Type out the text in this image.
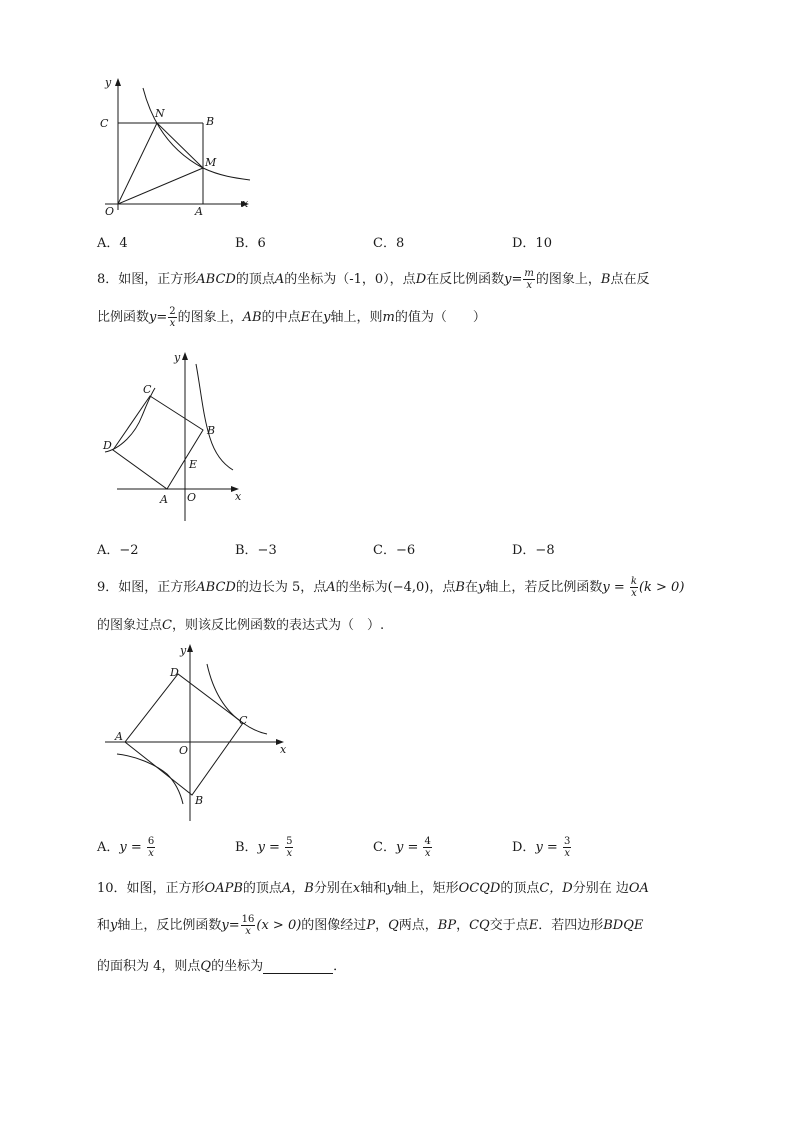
y
C
N
B
M
O	A
x
A．4	B．6	C．8	D．10
8．如图，正方形ABCD的顶点A的坐标为（-1，0），点D在反比例函数$y= \frac{m}{x}$ 的图象上，B点在反
比例函数$y= \frac{2}{x}$ 的图象上，AB的中点E在y轴上，则m的值为（　　）
y
C
D
B
E
A O	x
A．−2	B．−3	C．−6	D．−8
9．如图，正方形ABCD的边长为 5，点A的坐标为(−4,0)，点B在y轴上，若反比例函数$y = \frac{k}{x} (k > 0)$
的图象过点C，则该反比例函数的表达式为（　）.
y
D
C
A
O	x
B
A．$y = \frac{6}{x}$	B．$y = \frac{5}{x}$	C．$y = \frac{4}{x}$	D．$y = \frac{3}{x}$
10．如图，正方形OAPB的顶点A，B分别在x轴和y轴上，矩形OCQD的顶点C，D分别在 边OA
和y轴上，反比例函数$y= \frac{16}{x} (x > 0)$的图像经过P，Q两点，BP，CQ交于点E．若四边形BDQE
的面积为 4，则点Q的坐标为	．
